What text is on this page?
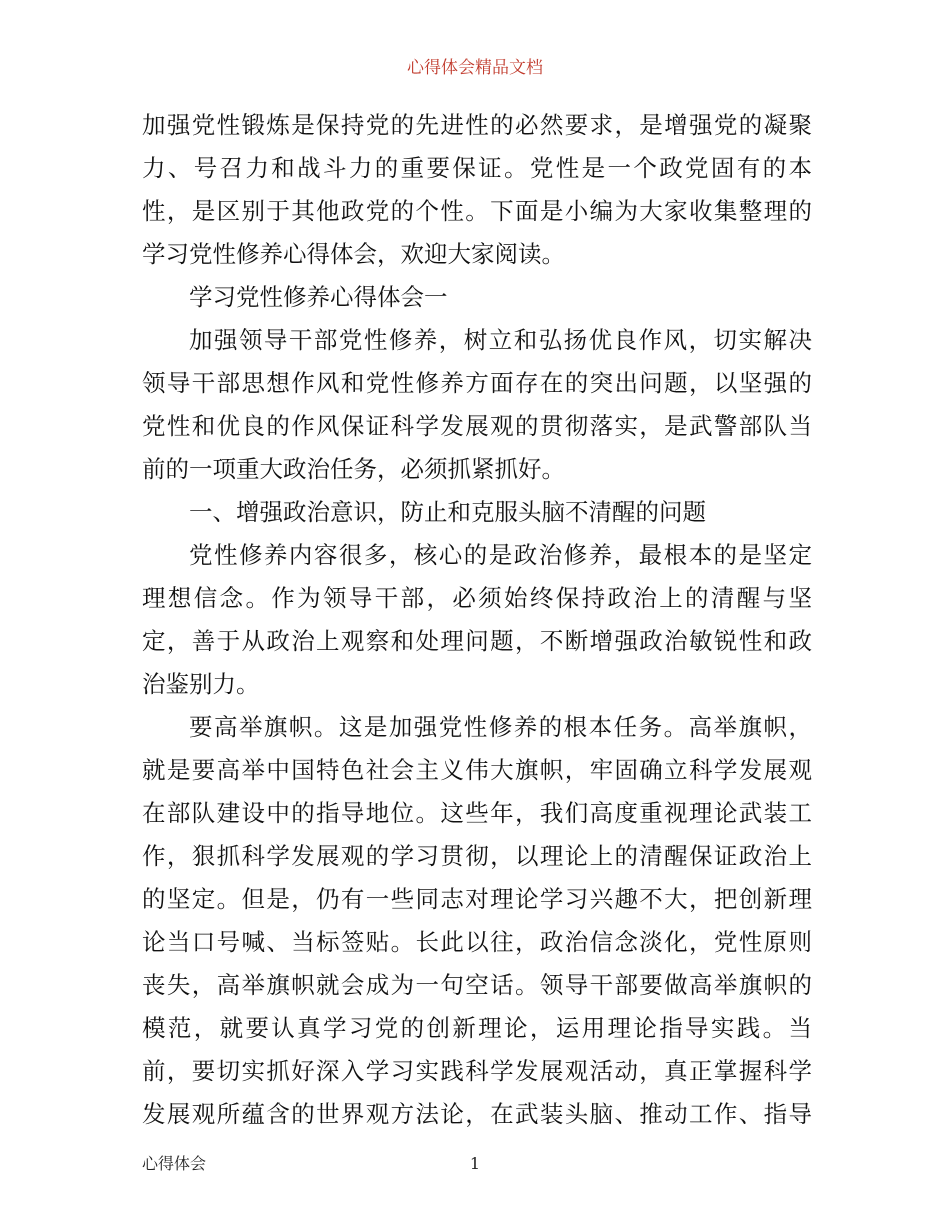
心得体会精品文档
加强党性锻炼是保持党的先进性的必然要求，是增强党的凝聚
力、号召力和战斗力的重要保证。党性是一个政党固有的本
性，是区别于其他政党的个性。下面是小编为大家收集整理的
学习党性修养心得体会，欢迎大家阅读。
学习党性修养心得体会一
加强领导干部党性修养，树立和弘扬优良作风，切实解决
领导干部思想作风和党性修养方面存在的突出问题，以坚强的
党性和优良的作风保证科学发展观的贯彻落实，是武警部队当
前的一项重大政治任务，必须抓紧抓好。
一、增强政治意识，防止和克服头脑不清醒的问题
党性修养内容很多，核心的是政治修养，最根本的是坚定
理想信念。作为领导干部，必须始终保持政治上的清醒与坚
定，善于从政治上观察和处理问题，不断增强政治敏锐性和政
治鉴别力。
要高举旗帜。这是加强党性修养的根本任务。高举旗帜，
就是要高举中国特色社会主义伟大旗帜，牢固确立科学发展观
在部队建设中的指导地位。这些年，我们高度重视理论武装工
作，狠抓科学发展观的学习贯彻，以理论上的清醒保证政治上
的坚定。但是，仍有一些同志对理论学习兴趣不大，把创新理
论当口号喊、当标签贴。长此以往，政治信念淡化，党性原则
丧失，高举旗帜就会成为一句空话。领导干部要做高举旗帜的
模范，就要认真学习党的创新理论，运用理论指导实践。当
前，要切实抓好深入学习实践科学发展观活动，真正掌握科学
发展观所蕴含的世界观方法论，在武装头脑、推动工作、指导
心得体会	1
